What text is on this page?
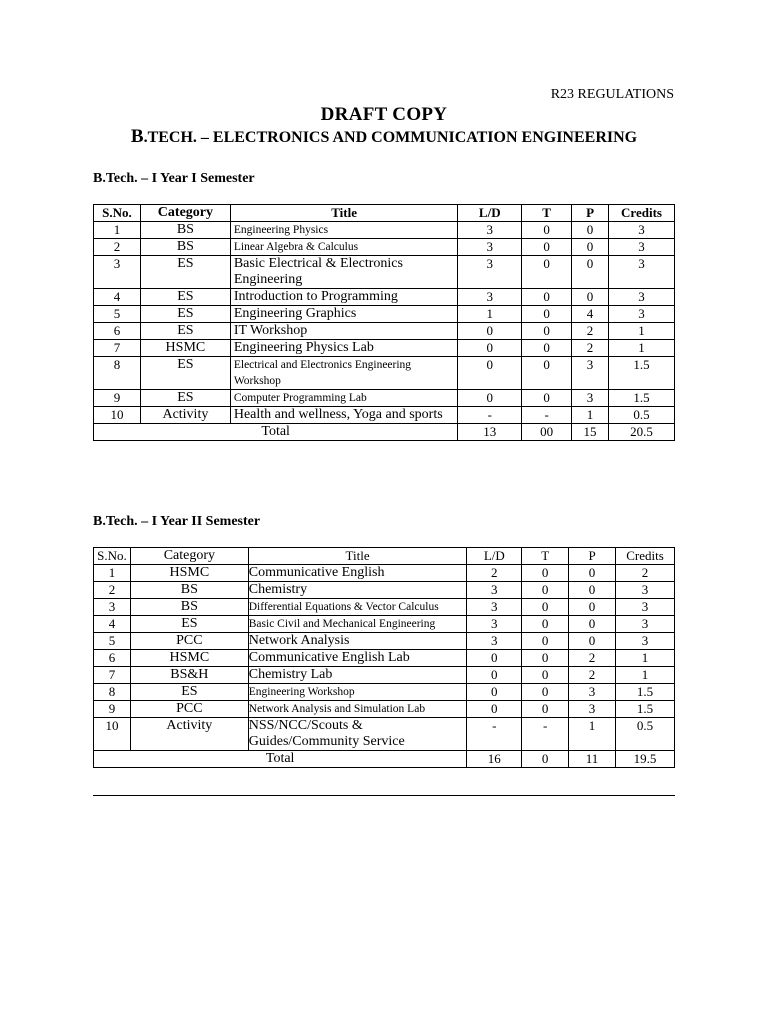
R23 REGULATIONS
DRAFT COPY
B.TECH. – ELECTRONICS AND COMMUNICATION ENGINEERING
B.Tech. – I Year I Semester
S.No.	Category	Title	L/D	T	P	Credits
1	BS	Engineering Physics	3	0	0	3
2	BS	Linear Algebra & Calculus	3	0	0	3
3	ES	Basic Electrical & Electronics Engineering	3	0	0	3
4	ES	Introduction to Programming	3	0	0	3
5	ES	Engineering Graphics	1	0	4	3
6	ES	IT Workshop	0	0	2	1
7	HSMC	Engineering Physics Lab	0	0	2	1
8	ES	Electrical and Electronics Engineering Workshop	0	0	3	1.5
9	ES	Computer Programming Lab	0	0	3	1.5
10	Activity	Health and wellness, Yoga and sports	-	-	1	0.5
Total			13	00	15	20.5
B.Tech. – I Year II Semester
S.No.	Category	Title	L/D	T	P	Credits
1	HSMC	Communicative English	2	0	0	2
2	BS	Chemistry	3	0	0	3
3	BS	Differential Equations & Vector Calculus	3	0	0	3
4	ES	Basic Civil and Mechanical Engineering	3	0	0	3
5	PCC	Network Analysis	3	0	0	3
6	HSMC	Communicative English Lab	0	0	2	1
7	BS&H	Chemistry Lab	0	0	2	1
8	ES	Engineering Workshop	0	0	3	1.5
9	PCC	Network Analysis and Simulation Lab	0	0	3	1.5
10	Activity	NSS/NCC/Scouts & Guides/Community Service	-	-	1	0.5
Total			16	0	11	19.5
